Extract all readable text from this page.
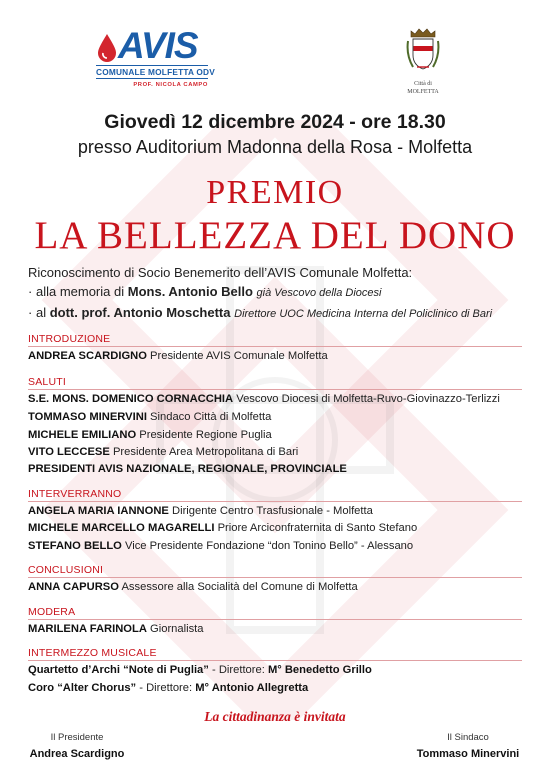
AVIS
COMUNALE MOLFETTA ODV
PROF. NICOLA CAMPO	Città di
MOLFETTA
Giovedì 12 dicembre 2024 - ore 18.30
presso Auditorium Madonna della Rosa - Molfetta
PREMIO
LA BELLEZZA DEL DONO
Riconoscimento di Socio Benemerito dell’AVIS Comunale Molfetta:
· alla memoria di Mons. Antonio Bello già Vescovo della Diocesi
· al dott. prof. Antonio Moschetta Direttore UOC Medicina Interna del Policlinico di Bari
INTRODUZIONE
ANDREA SCARDIGNO Presidente AVIS Comunale Molfetta
SALUTI
S.E. MONS. DOMENICO CORNACCHIA Vescovo Diocesi di Molfetta-Ruvo-Giovinazzo-Terlizzi
TOMMASO MINERVINI Sindaco Città di Molfetta
MICHELE EMILIANO Presidente Regione Puglia
VITO LECCESE Presidente Area Metropolitana di Bari
PRESIDENTI AVIS NAZIONALE, REGIONALE, PROVINCIALE
INTERVERRANNO
ANGELA MARIA IANNONE Dirigente Centro Trasfusionale - Molfetta
MICHELE MARCELLO MAGARELLI Priore Arciconfraternita di Santo Stefano
STEFANO BELLO Vice Presidente Fondazione “don Tonino Bello” - Alessano
CONCLUSIONI
ANNA CAPURSO Assessore alla Socialità del Comune di Molfetta
MODERA
MARILENA FARINOLA Giornalista
INTERMEZZO MUSICALE
Quartetto d’Archi “Note di Puglia” - Direttore: M° Benedetto Grillo
Coro “Alter Chorus” - Direttore: M° Antonio Allegretta
La cittadinanza è invitata
Il Presidente
Andrea Scardigno
Il Sindaco
Tommaso Minervini
